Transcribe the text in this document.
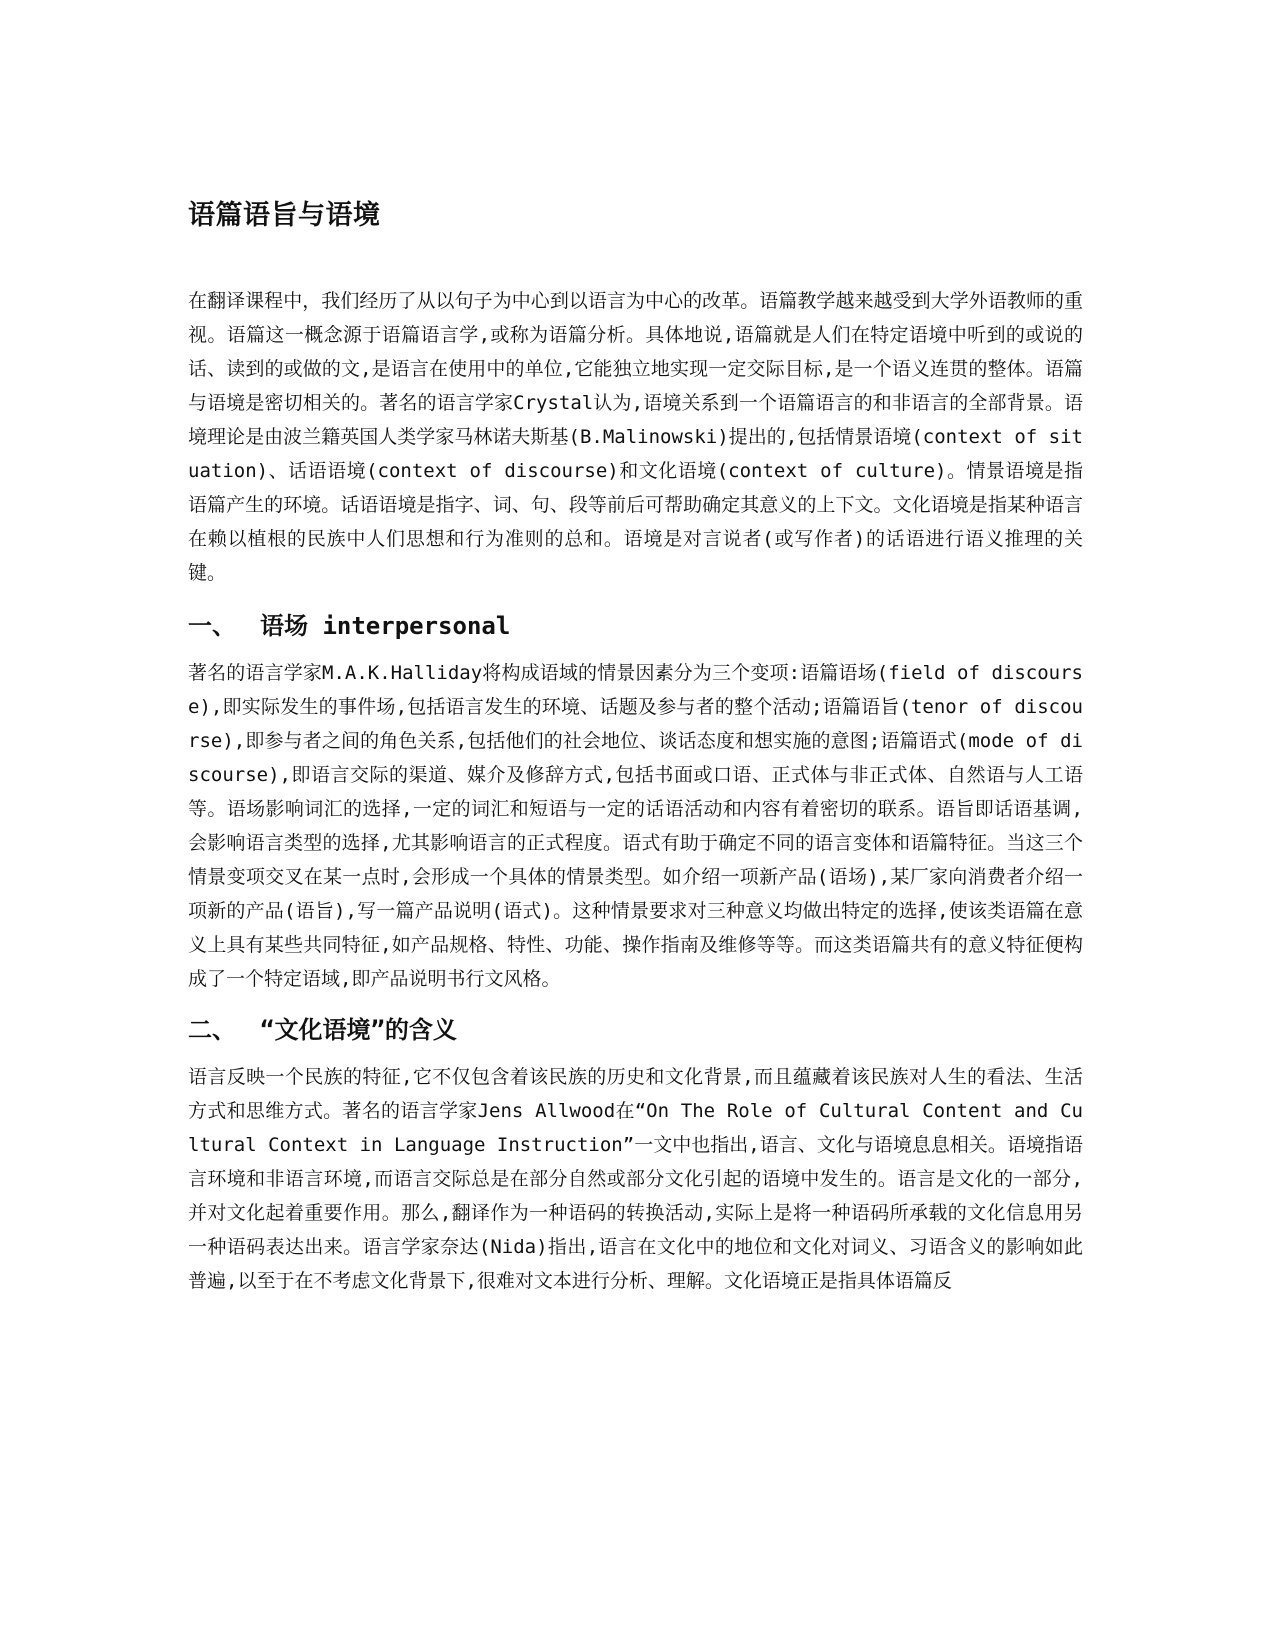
语篇语旨与语境

在翻译课程中，我们经历了从以句子为中心到以语言为中心的改革。语篇教学越来越受到大学外语教师的重视。语篇这一概念源于语篇语言学,或称为语篇分析。具体地说,语篇就是人们在特定语境中听到的或说的话、读到的或做的文,是语言在使用中的单位,它能独立地实现一定交际目标,是一个语义连贯的整体。语篇与语境是密切相关的。著名的语言学家Crystal认为,语境关系到一个语篇语言的和非语言的全部背景。语境理论是由波兰籍英国人类学家马林诺夫斯基(B.Malinowski)提出的,包括情景语境(context of situation)、话语语境(context of discourse)和文化语境(context of culture)。情景语境是指语篇产生的环境。话语语境是指字、词、句、段等前后可帮助确定其意义的上下文。文化语境是指某种语言在赖以植根的民族中人们思想和行为准则的总和。语境是对言说者(或写作者)的话语进行语义推理的关键。

一、	语场 interpersonal

著名的语言学家M.A.K.Halliday将构成语域的情景因素分为三个变项:语篇语场(field of discourse),即实际发生的事件场,包括语言发生的环境、话题及参与者的整个活动;语篇语旨(tenor of discourse),即参与者之间的角色关系,包括他们的社会地位、谈话态度和想实施的意图;语篇语式(mode of discourse),即语言交际的渠道、媒介及修辞方式,包括书面或口语、正式体与非正式体、自然语与人工语等。语场影响词汇的选择,一定的词汇和短语与一定的话语活动和内容有着密切的联系。语旨即话语基调,会影响语言类型的选择,尤其影响语言的正式程度。语式有助于确定不同的语言变体和语篇特征。当这三个情景变项交叉在某一点时,会形成一个具体的情景类型。如介绍一项新产品(语场),某厂家向消费者介绍一项新的产品(语旨),写一篇产品说明(语式)。这种情景要求对三种意义均做出特定的选择,使该类语篇在意义上具有某些共同特征,如产品规格、特性、功能、操作指南及维修等等。而这类语篇共有的意义特征便构成了一个特定语域,即产品说明书行文风格。

二、	“文化语境”的含义

语言反映一个民族的特征,它不仅包含着该民族的历史和文化背景,而且蕴藏着该民族对人生的看法、生活方式和思维方式。著名的语言学家Jens Allwood在“On The Role of Cultural Content and Cultural Context in Language Instruction”一文中也指出,语言、文化与语境息息相关。语境指语言环境和非语言环境,而语言交际总是在部分自然或部分文化引起的语境中发生的。语言是文化的一部分,并对文化起着重要作用。那么,翻译作为一种语码的转换活动,实际上是将一种语码所承载的文化信息用另一种语码表达出来。语言学家奈达(Nida)指出,语言在文化中的地位和文化对词义、习语含义的影响如此普遍,以至于在不考虑文化背景下,很难对文本进行分析、理解。文化语境正是指具体语篇反
